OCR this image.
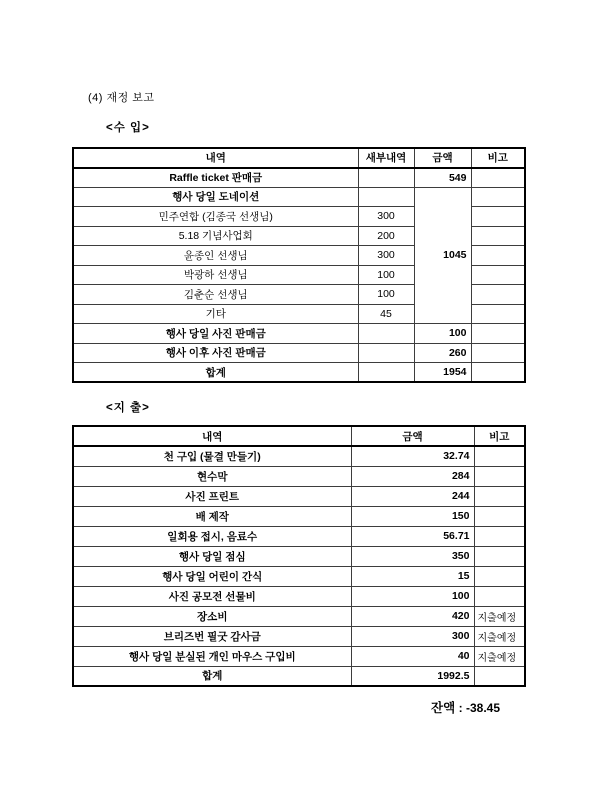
(4) 재정 보고
<수 입>
내역	새부내역	금액	비고
Raffle ticket 판매금		549	
행사 당일 도네이션		1045	
민주연합 (김종국 선생님)	300		
5.18 기념사업회	200		
윤종인 선생님	300		
박광하 선생님	100		
김춘순 선생님	100		
기타	45		
행사 당일 사진 판매금		100	
행사 이후 사진 판매금		260	
합계		1954	
<지 출>
내역	금액	비고
천 구입 (물결 만들기)	32.74	
현수막	284	
사진 프린트	244	
배 제작	150	
일회용 접시, 음료수	56.71	
행사 당일 점심	350	
행사 당일 어린이 간식	15	
사진 공모전 선물비	100	
장소비	420	지출예정
브리즈번 필굿 감사금	300	지출예정
행사 당일 분실된 개인 마우스 구입비	40	지출예정
합계	1992.5	
잔액 : -38.45
